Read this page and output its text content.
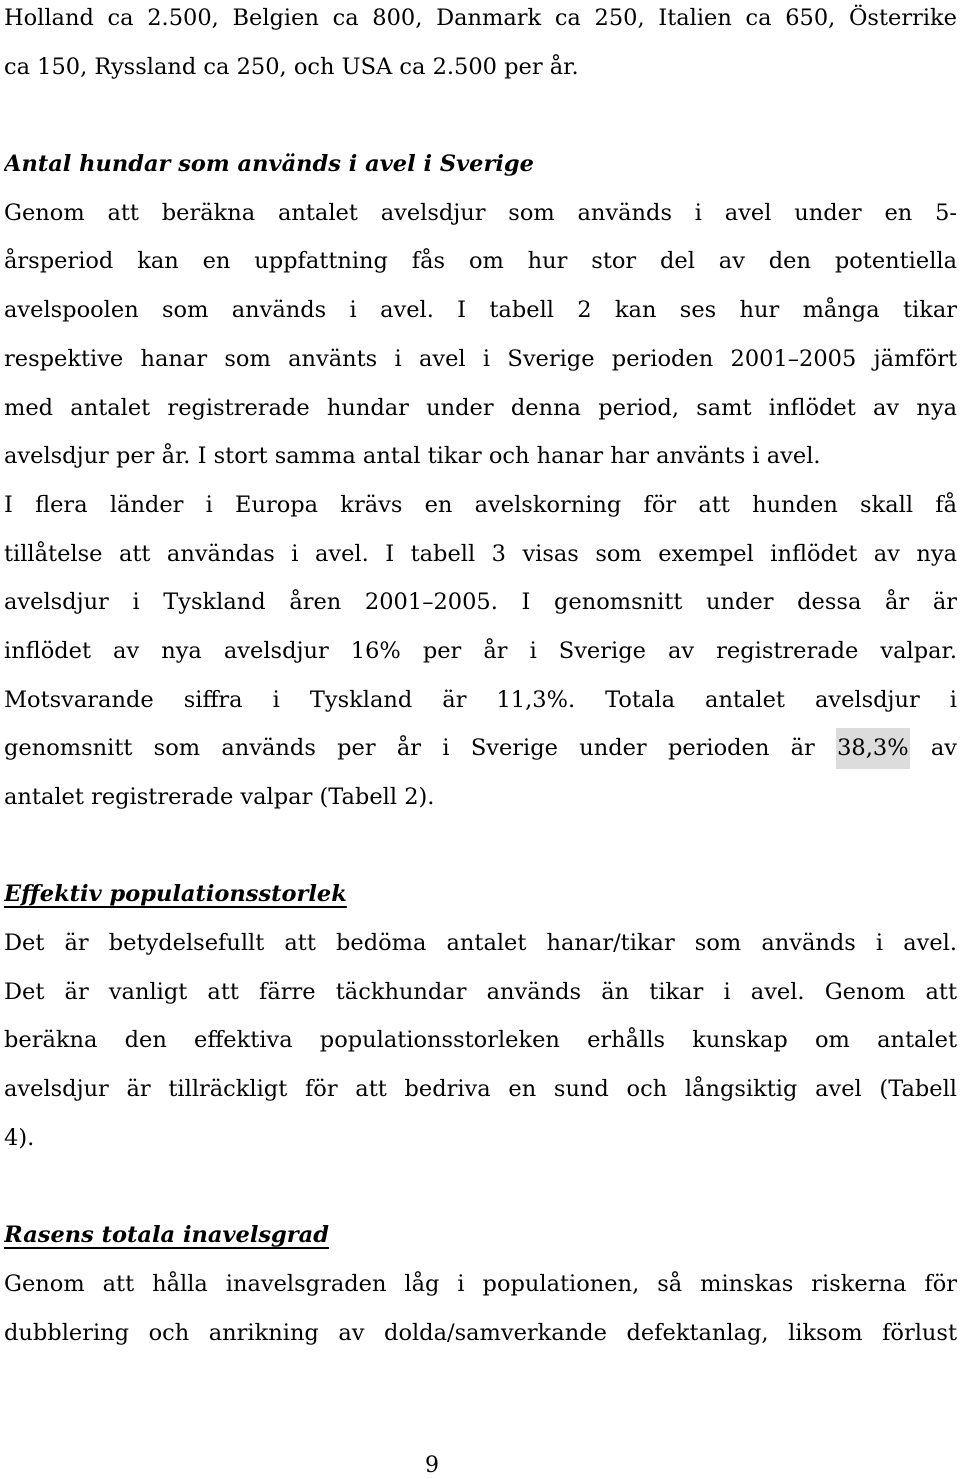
Holland ca 2.500, Belgien ca 800, Danmark ca 250, Italien ca 650, Österrike
ca 150, Ryssland ca 250, och USA ca 2.500 per år.
Antal hundar som används i avel i Sverige
Genom att beräkna antalet avelsdjur som används i avel under en 5-
årsperiod kan en uppfattning fås om hur stor del av den potentiella
avelspoolen som används i avel. I tabell 2 kan ses hur många tikar
respektive hanar som använts i avel i Sverige perioden 2001–2005 jämfört
med antalet registrerade hundar under denna period, samt inflödet av nya
avelsdjur per år. I stort samma antal tikar och hanar har använts i avel.
I flera länder i Europa krävs en avelskorning för att hunden skall få
tillåtelse att användas i avel. I tabell 3 visas som exempel inflödet av nya
avelsdjur i Tyskland åren 2001–2005. I genomsnitt under dessa år är
inflödet av nya avelsdjur 16% per år i Sverige av registrerade valpar.
Motsvarande siffra i Tyskland är 11,3%. Totala antalet avelsdjur i
genomsnitt som används per år i Sverige under perioden är 38,3% av
antalet registrerade valpar (Tabell 2).
Effektiv populationsstorlek
Det är betydelsefullt att bedöma antalet hanar/tikar som används i avel.
Det är vanligt att färre täckhundar används än tikar i avel. Genom att
beräkna den effektiva populationsstorleken erhålls kunskap om antalet
avelsdjur är tillräckligt för att bedriva en sund och långsiktig avel (Tabell
4).
Rasens totala inavelsgrad
Genom att hålla inavelsgraden låg i populationen, så minskas riskerna för
dubblering och anrikning av dolda/samverkande defektanlag, liksom förlust
9
